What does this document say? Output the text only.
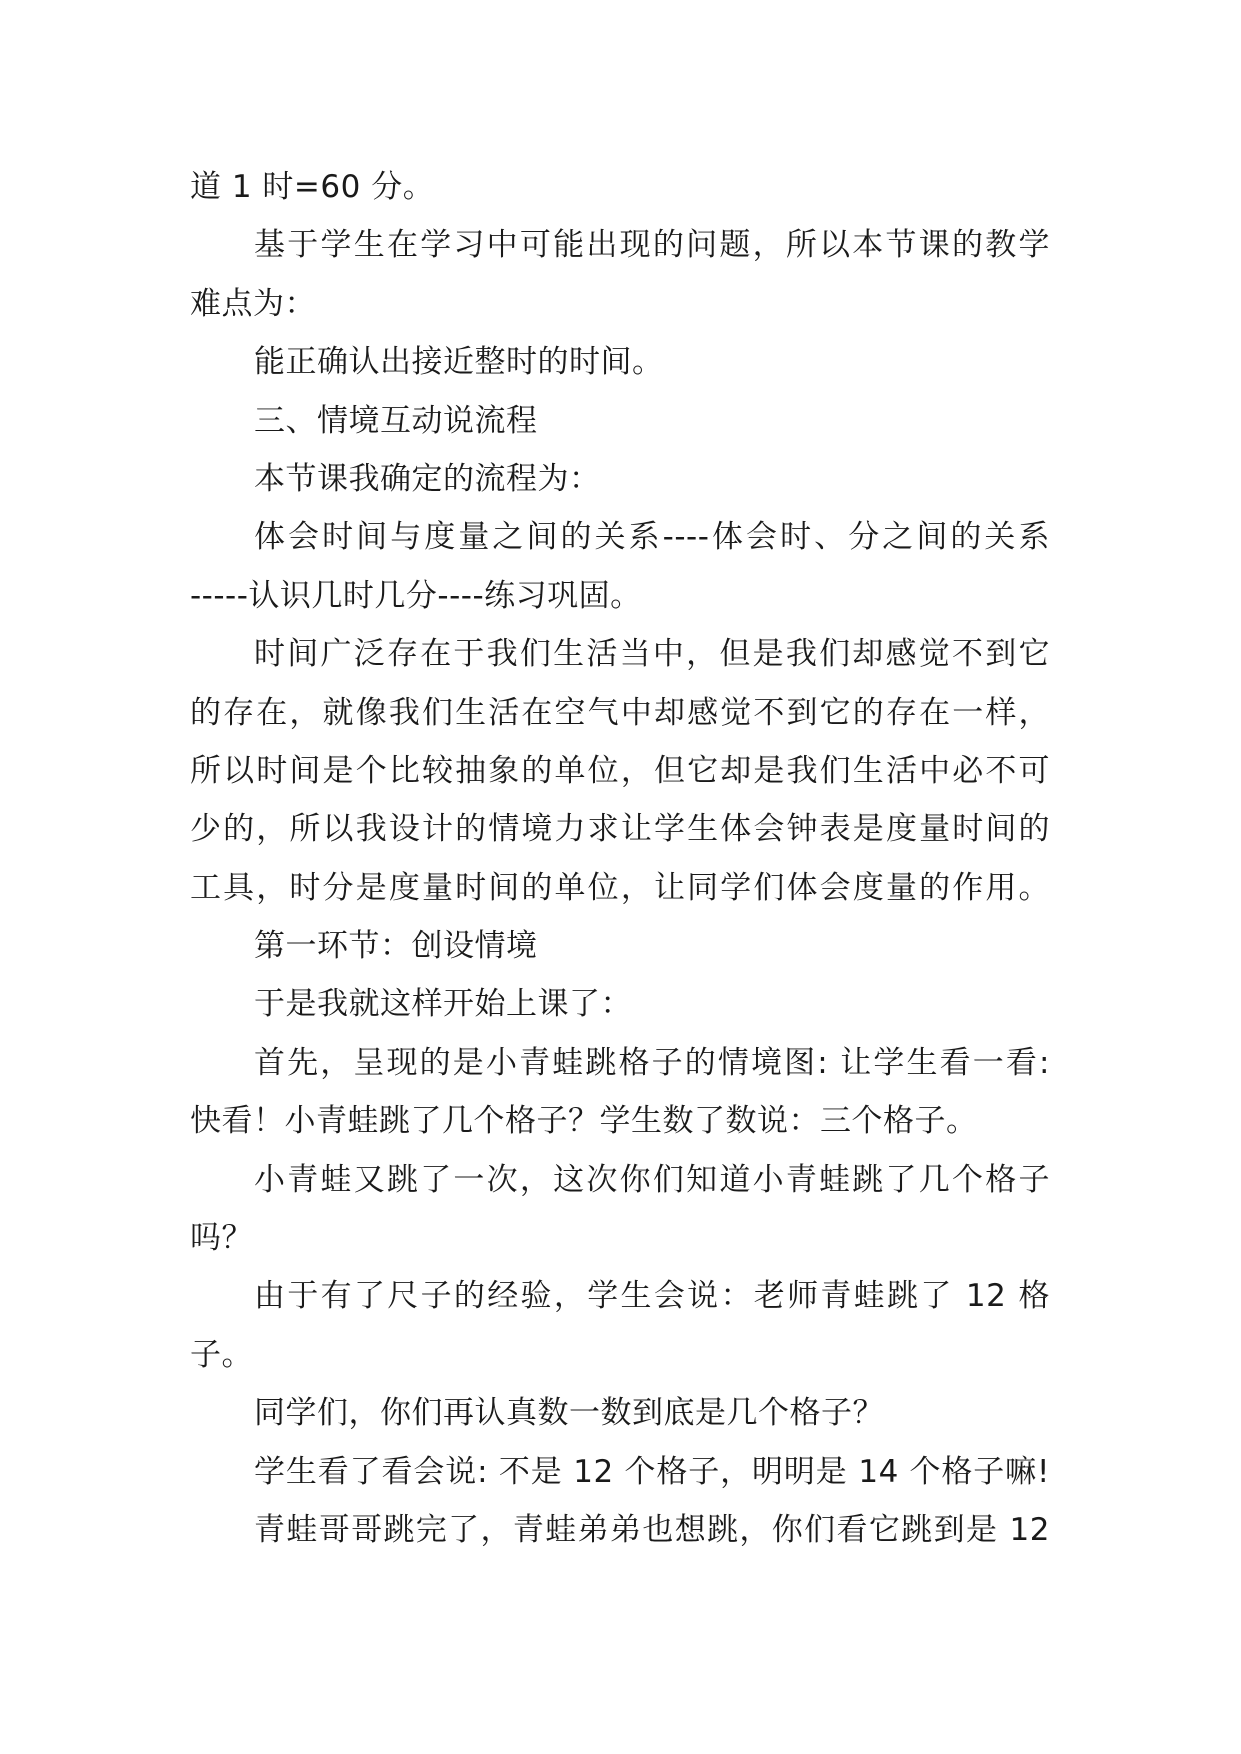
道 1 时=60 分。
基于学生在学习中可能出现的问题，所以本节课的教学
难点为：
能正确认出接近整时的时间。
三、情境互动说流程
本节课我确定的流程为：
体会时间与度量之间的关系----体会时、分之间的关系
-----认识几时几分----练习巩固。
时间广泛存在于我们生活当中，但是我们却感觉不到它
的存在，就像我们生活在空气中却感觉不到它的存在一样，
所以时间是个比较抽象的单位，但它却是我们生活中必不可
少的，所以我设计的情境力求让学生体会钟表是度量时间的
工具，时分是度量时间的单位，让同学们体会度量的作用。
第一环节：创设情境
于是我就这样开始上课了：
首先，呈现的是小青蛙跳格子的情境图: 让学生看一看:
快看！小青蛙跳了几个格子？学生数了数说：三个格子。
小青蛙又跳了一次，这次你们知道小青蛙跳了几个格子
吗？
由于有了尺子的经验，学生会说：老师青蛙跳了 12 格
子。
同学们，你们再认真数一数到底是几个格子？
学生看了看会说: 不是 12 个格子，明明是 14 个格子嘛!
青蛙哥哥跳完了，青蛙弟弟也想跳，你们看它跳到是 12
